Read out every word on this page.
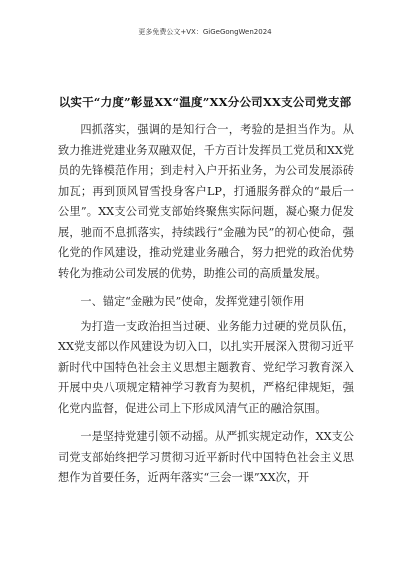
更多免费公文+VX：GiGeGongWen2024
以实干“力度”彰显XX“温度”XX分公司XX支公司党支部

四抓落实，强调的是知行合一，考验的是担当作为。从致力推进党建业务双融双促，千方百计发挥员工党员和XX党员的先锋模范作用；到走村入户开拓业务，为公司发展添砖加瓦；再到顶风冒雪投身客户LP，打通服务群众的“最后一公里”。XX支公司党支部始终聚焦实际问题，凝心聚力促发展，驰而不息抓落实，持续践行“金融为民”的初心使命，强化党的作风建设，推动党建业务融合，努力把党的政治优势转化为推动公司发展的优势，助推公司的高质量发展。

一、锚定“金融为民”使命，发挥党建引领作用

为打造一支政治担当过硬、业务能力过硬的党员队伍，XX党支部以作风建设为切入口，以扎实开展深入贯彻习近平新时代中国特色社会主义思想主题教育、党纪学习教育深入开展中央八项规定精神学习教育为契机，严格纪律规矩，强化党内监督，促进公司上下形成风清气正的融洽氛围。

一是坚持党建引领不动摇。从严抓实规定动作，XX支公司党支部始终把学习贯彻习近平新时代中国特色社会主义思想作为首要任务，近两年落实“三会一课”XX次，开
